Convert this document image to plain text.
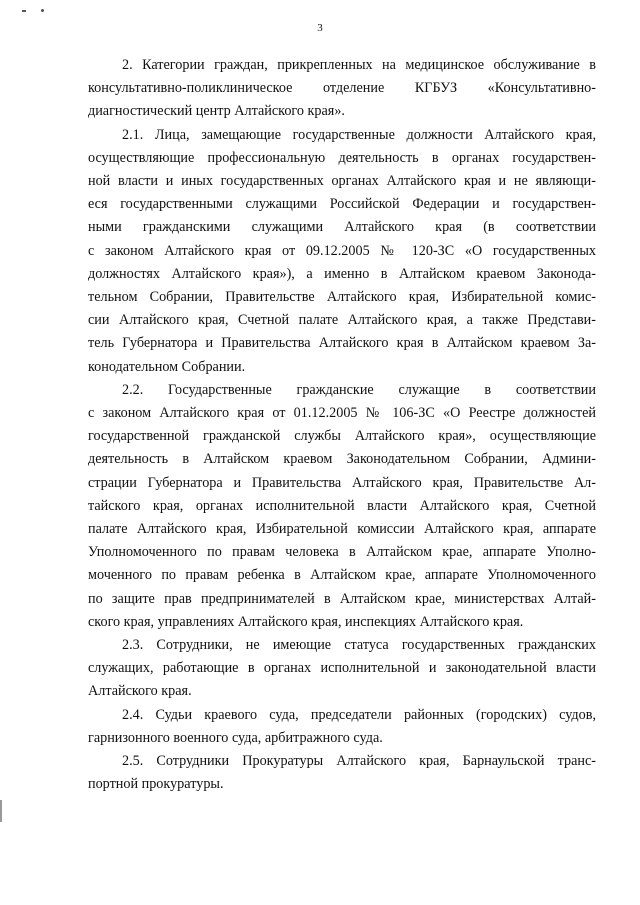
3
2. Категории граждан, прикрепленных на медицинское обслуживание в
консультативно-поликлиническое отделение КГБУЗ «Консультативно-
диагностический центр Алтайского края».
2.1. Лица, замещающие государственные должности Алтайского края,
осуществляющие профессиональную деятельность в органах государствен-
ной власти и иных государственных органах Алтайского края и не являющи-
еся государственными служащими Российской Федерации и государствен-
ными гражданскими служащими Алтайского края (в соответствии
с законом Алтайского края от 09.12.2005 № 120-ЗС «О государственных
должностях Алтайского края»), а именно в Алтайском краевом Законода-
тельном Собрании, Правительстве Алтайского края, Избирательной комис-
сии Алтайского края, Счетной палате Алтайского края, а также Представи-
тель Губернатора и Правительства Алтайского края в Алтайском краевом За-
конодательном Собрании.
2.2. Государственные гражданские служащие в соответствии
с законом Алтайского края от 01.12.2005 № 106-ЗС «О Реестре должностей
государственной гражданской службы Алтайского края», осуществляющие
деятельность в Алтайском краевом Законодательном Собрании, Админи-
страции Губернатора и Правительства Алтайского края, Правительстве Ал-
тайского края, органах исполнительной власти Алтайского края, Счетной
палате Алтайского края, Избирательной комиссии Алтайского края, аппарате
Уполномоченного по правам человека в Алтайском крае, аппарате Уполно-
моченного по правам ребенка в Алтайском крае, аппарате Уполномоченного
по защите прав предпринимателей в Алтайском крае, министерствах Алтай-
ского края, управлениях Алтайского края, инспекциях Алтайского края.
2.3. Сотрудники, не имеющие статуса государственных гражданских
служащих, работающие в органах исполнительной и законодательной власти
Алтайского края.
2.4. Судьи краевого суда, председатели районных (городских) судов,
гарнизонного военного суда, арбитражного суда.
2.5. Сотрудники Прокуратуры Алтайского края, Барнаульской транс-
портной прокуратуры.
